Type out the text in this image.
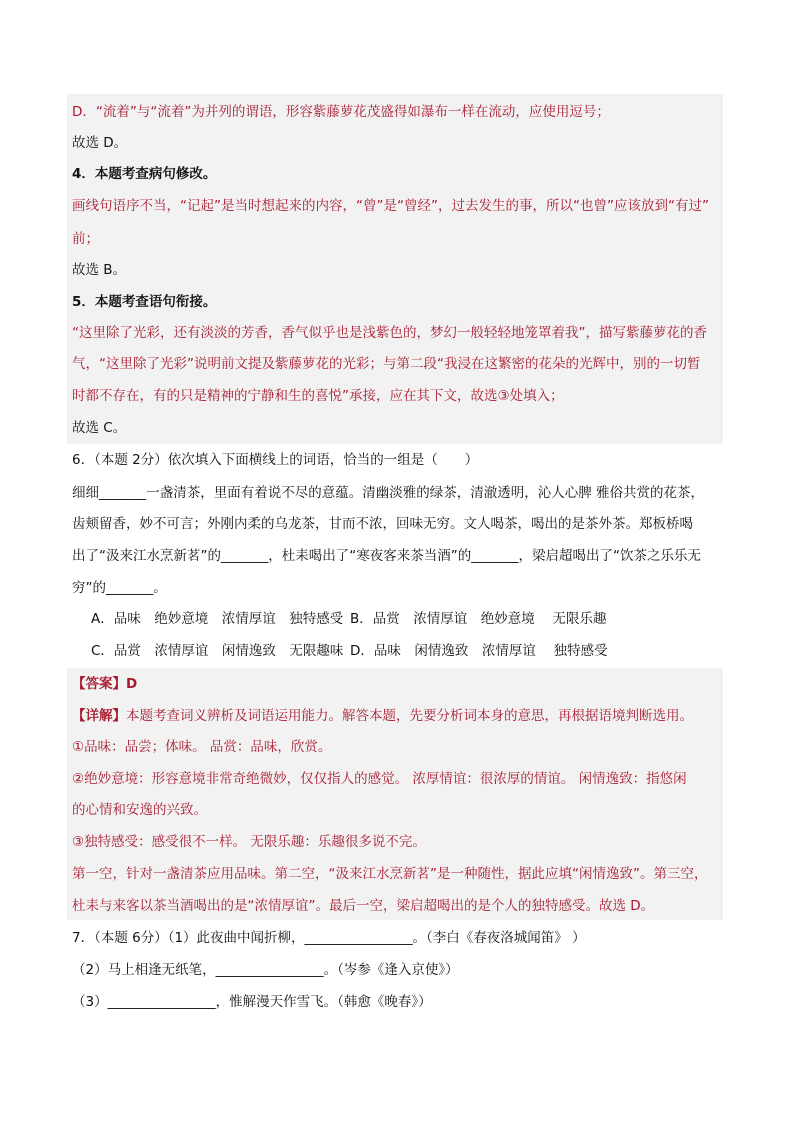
D．“流着”与“流着”为并列的谓语，形容紫藤萝花茂盛得如瀑布一样在流动，应使用逗号；
故选 D。
4．本题考查病句修改。
画线句语序不当，“记起”是当时想起来的内容，“曾”是“曾经”，过去发生的事，所以“也曾”应该放到“有过”
前；
故选 B。
5．本题考查语句衔接。
“这里除了光彩，还有淡淡的芳香，香气似乎也是浅紫色的，梦幻一般轻轻地笼罩着我”，描写紫藤萝花的香
气，“这里除了光彩”说明前文提及紫藤萝花的光彩；与第二段“我浸在这繁密的花朵的光辉中，别的一切暂
时都不存在，有的只是精神的宁静和生的喜悦”承接，应在其下文，故选③处填入；
故选 C。
6．（本题 2分）依次填入下面横线上的词语，恰当的一组是（　　）
细细_______一盏清茶，里面有着说不尽的意蕴。清幽淡雅的绿茶，清澈透明，沁人心脾 雅俗共赏的花茶，
齿颊留香，妙不可言；外刚内柔的乌龙茶，甘而不浓，回味无穷。文人喝茶，喝出的是茶外茶。郑板桥喝
出了“汲来江水烹新茗”的_______，杜耒喝出了“寒夜客来茶当酒”的_______，梁启超喝出了“饮茶之乐乐无
穷”的_______。
A．品味　绝妙意境　浓情厚谊　独特感受 B．品赏　浓情厚谊　绝妙意境　 无限乐趣
C．品赏　浓情厚谊　闲情逸致　无限趣味 D．品味　闲情逸致　浓情厚谊　 独特感受
【答案】D
【详解】本题考查词义辨析及词语运用能力。解答本题，先要分析词本身的意思，再根据语境判断选用。
①品味：品尝；体味。 品赏：品味，欣赏。
②绝妙意境：形容意境非常奇绝微妙，仅仅指人的感觉。 浓厚情谊：很浓厚的情谊。 闲情逸致：指悠闲
的心情和安逸的兴致。
③独特感受：感受很不一样。 无限乐趣：乐趣很多说不完。
第一空，针对一盏清茶应用品味。第二空，“汲来江水烹新茗”是一种随性，据此应填“闲情逸致”。第三空，
杜耒与来客以茶当酒喝出的是“浓情厚谊”。最后一空，梁启超喝出的是个人的独特感受。故选 D。
7．（本题 6分）（1）此夜曲中闻折柳，________________。（李白《春夜洛城闻笛》 ）
（2）马上相逢无纸笔，________________。（岑参《逢入京使》）
（3）________________，惟解漫天作雪飞。（韩愈《晚春》）
